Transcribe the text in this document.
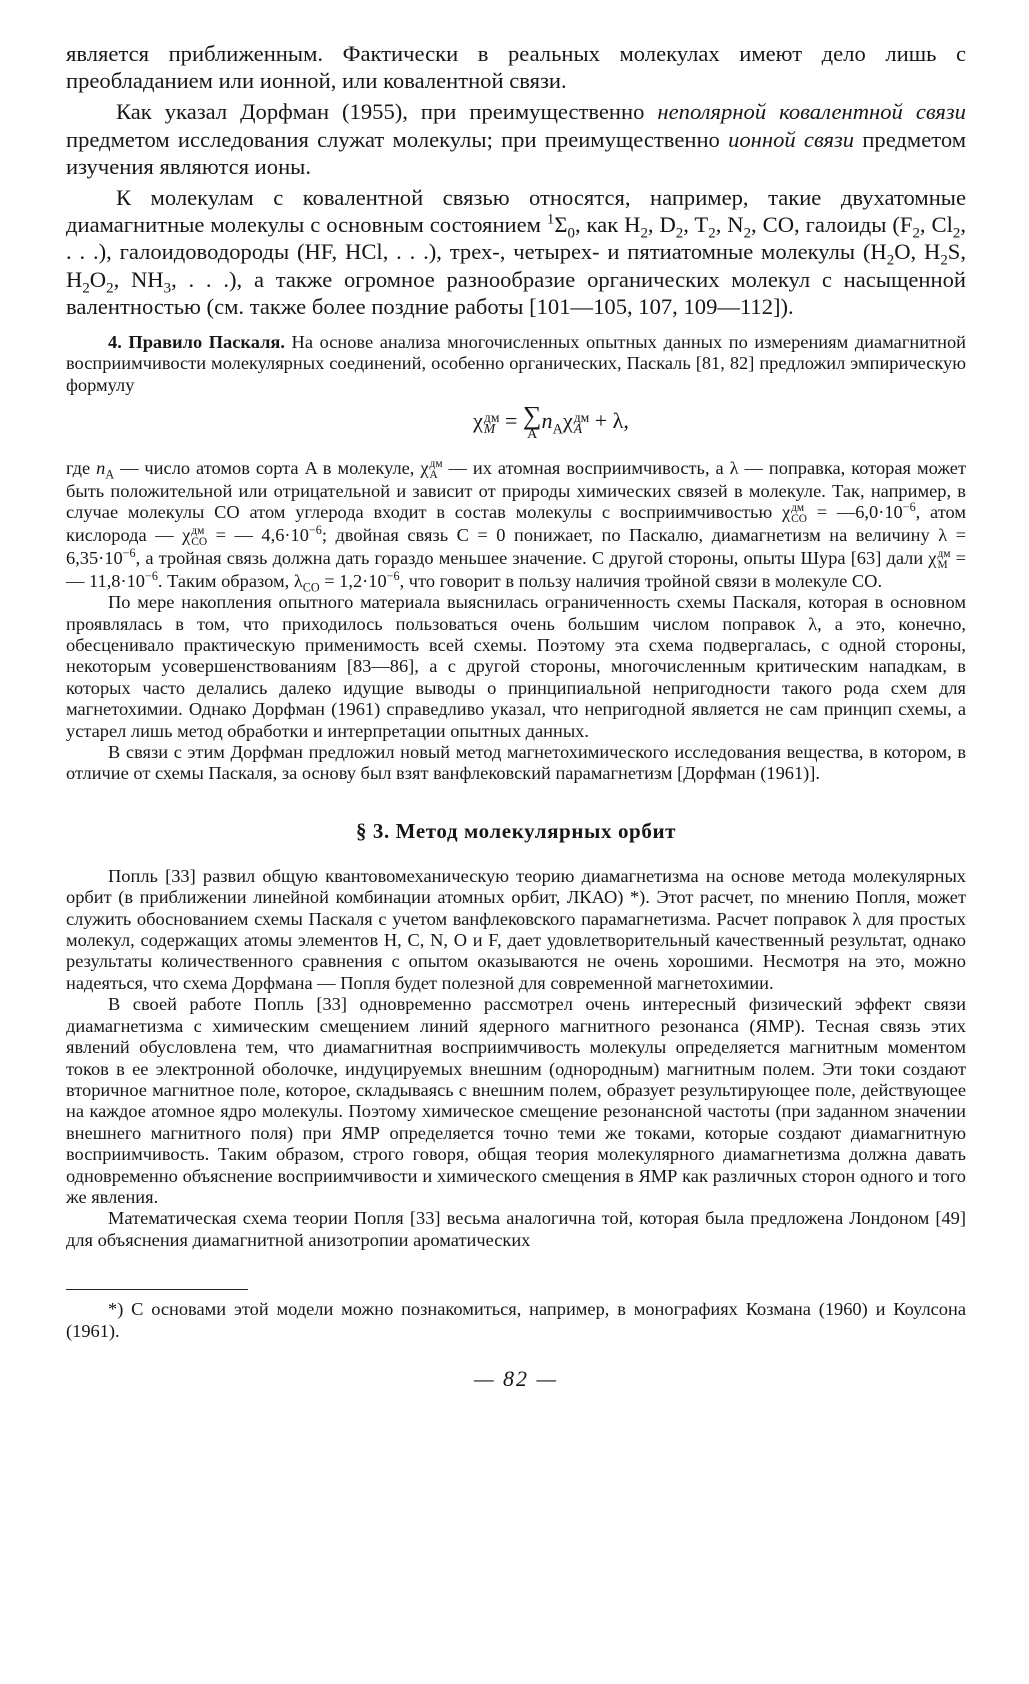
является приближенным. Фактически в реальных молекулах имеют дело лишь с преобладанием или ионной, или ковалентной связи.

Как указал Дорфман (1955), при преимущественно неполярной ковалентной связи предметом исследования служат молекулы; при преимущественно ионной связи предметом изучения являются ионы.

К молекулам с ковалентной связью относятся, например, такие двухатомные диамагнитные молекулы с основным состоянием $^1\Sigma_0$, как $H_2$, $D_2$, $T_2$, $N_2$, CO, галоиды ($F_2$, $Cl_2$, . . .), галоидоводороды (HF, HCl, . . .), трех-, четырех- и пятиатомные молекулы ($H_2O$, $H_2S$, $H_2O_2$, $NH_3$, . . .), а также огромное разнообразие органических молекул с насыщенной валентностью (см. также более поздние работы [101—105, 107, 109—112]).

4. Правило Паскаля. На основе анализа многочисленных опытных данных по измерениям диамагнитной восприимчивости молекулярных соединений, особенно органических, Паскаль [81, 82] предложил эмпирическую формулу

χ дм
M = ∑
A
$n_A\chi$ дм
A + λ,

где $n_A$ — число атомов сорта A в молекуле, χ дм
A — их атомная восприимчивость, а λ — поправка, которая может быть положительной или отрицательной и зависит от природы химических связей в молекуле. Так, например, в случае молекулы CO атом углерода входит в состав молекулы с восприимчивостью χ дм
CO = $—6,0\cdot 10^{-6}$, атом кислорода — χ дм
CO = — $4,6\cdot 10^{-6}$; двойная связь C = 0 понижает, по Паскалю, диамагнетизм на величину $\lambda = 6,35\cdot 10^{-6}$, а тройная связь должна дать гораздо меньшее значение. С другой стороны, опыты Шура [63] дали χ дм
M = — $11,8\cdot 10^{-6}$. Таким образом, $\lambda_{CO} = 1,2\cdot 10^{-6}$, что говорит в пользу наличия тройной связи в молекуле CO.

По мере накопления опытного материала выяснилась ограниченность схемы Паскаля, которая в основном проявлялась в том, что приходилось пользоваться очень большим числом поправок λ, а это, конечно, обесценивало практическую применимость всей схемы. Поэтому эта схема подвергалась, с одной стороны, некоторым усовершенствованиям [83—86], а с другой стороны, многочисленным критическим нападкам, в которых часто делались далеко идущие выводы о принципиальной непригодности такого рода схем для магнетохимии. Однако Дорфман (1961) справедливо указал, что непригодной является не сам принцип схемы, а устарел лишь метод обработки и интерпретации опытных данных.

В связи с этим Дорфман предложил новый метод магнетохимического исследования вещества, в котором, в отличие от схемы Паскаля, за основу был взят ванфлековский парамагнетизм [Дорфман (1961)].

§ 3. Метод молекулярных орбит

Попль [33] развил общую квантовомеханическую теорию диамагнетизма на основе метода молекулярных орбит (в приближении линейной комбинации атомных орбит, ЛКАО) *). Этот расчет, по мнению Попля, может служить обоснованием схемы Паскаля с учетом ванфлековского парамагнетизма. Расчет поправок λ для простых молекул, содержащих атомы элементов H, C, N, O и F, дает удовлетворительный качественный результат, однако результаты количественного сравнения с опытом оказываются не очень хорошими. Несмотря на это, можно надеяться, что схема Дорфмана — Попля будет полезной для современной магнетохимии.

В своей работе Попль [33] одновременно рассмотрел очень интересный физический эффект связи диамагнетизма с химическим смещением линий ядерного магнитного резонанса (ЯМР). Тесная связь этих явлений обусловлена тем, что диамагнитная восприимчивость молекулы определяется магнитным моментом токов в ее электронной оболочке, индуцируемых внешним (однородным) магнитным полем. Эти токи создают вторичное магнитное поле, которое, складываясь с внешним полем, образует результирующее поле, действующее на каждое атомное ядро молекулы. Поэтому химическое смещение резонансной частоты (при заданном значении внешнего магнитного поля) при ЯМР определяется точно теми же токами, которые создают диамагнитную восприимчивость. Таким образом, строго говоря, общая теория молекулярного диамагнетизма должна давать одновременно объяснение восприимчивости и химического смещения в ЯМР как различных сторон одного и того же явления.

Математическая схема теории Попля [33] весьма аналогична той, которая была предложена Лондоном [49] для объяснения диамагнитной анизотропии ароматических

*) С основами этой модели можно познакомиться, например, в монографиях Козмана (1960) и Коулсона (1961).

— 82 —
